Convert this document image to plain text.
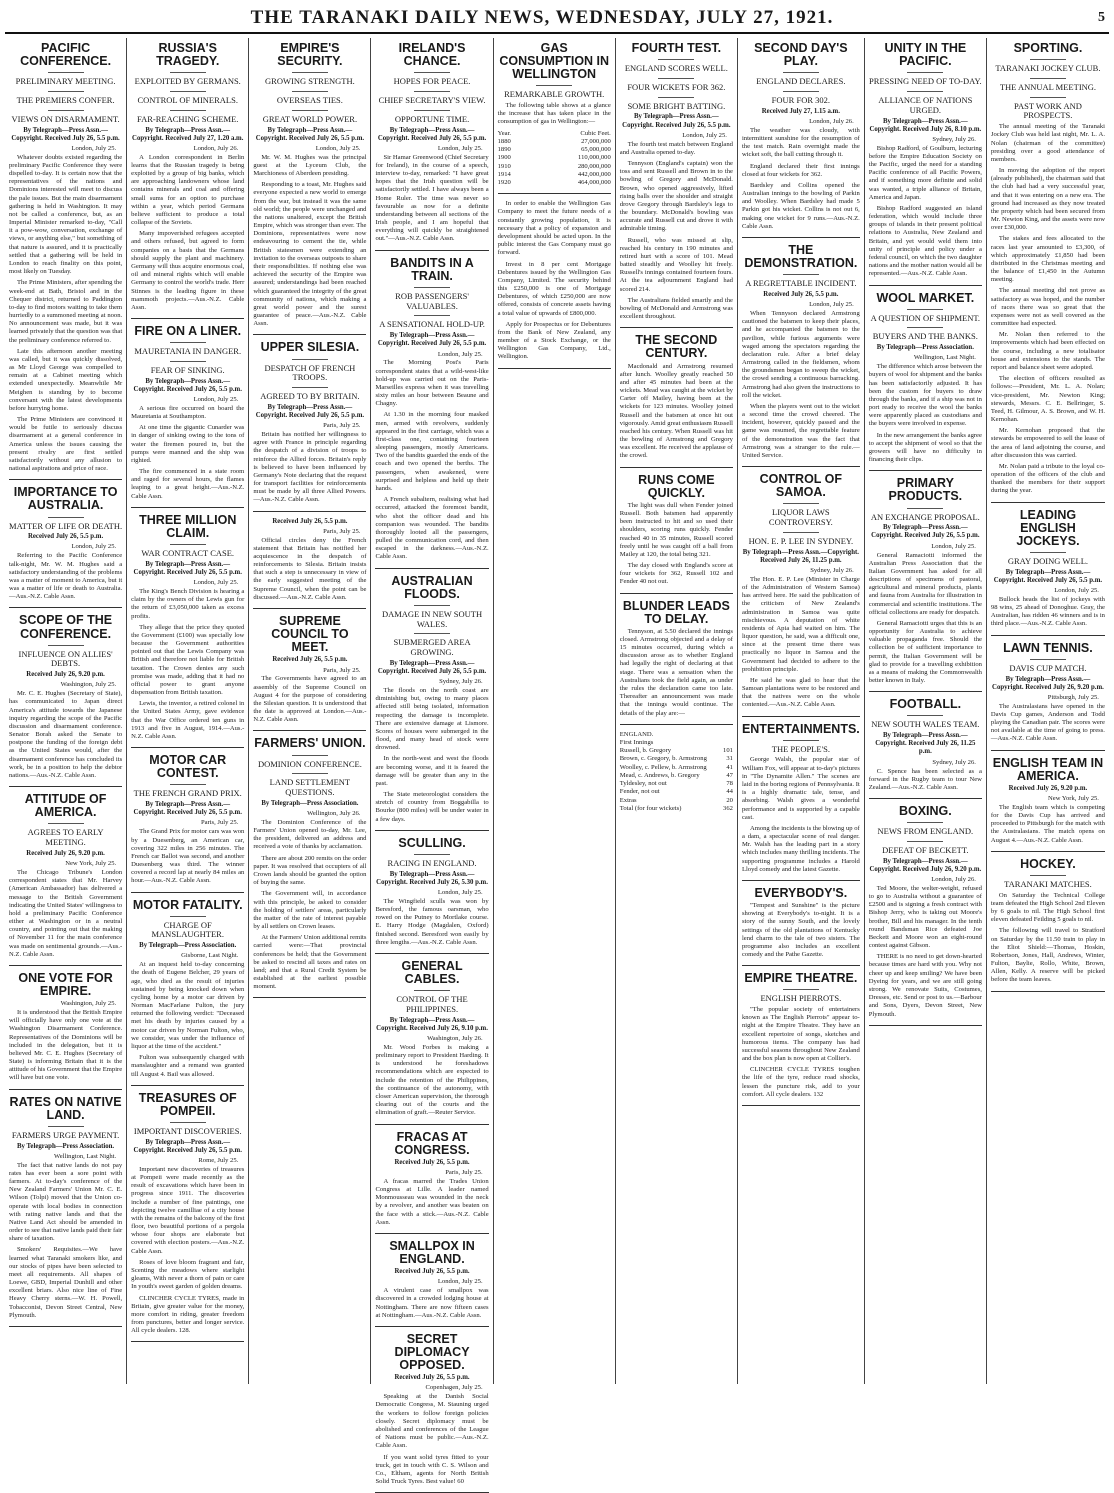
THE TARANAKI DAILY NEWS, WEDNESDAY, JULY 27, 1921.	5
PACIFIC CONFERENCE.
PRELIMINARY MEETING.
THE PREMIERS CONFER.
VIEWS ON DISARMAMENT.
By Telegraph—Press Assn.—Copyright. Received July 26, 5.5 p.m.
London, July 25.

Whatever doubts existed regarding the preliminary Pacific Conference they were dispelled to-day. It is certain now that the representatives of the nations and Dominions interested will meet to discuss the pale issues. But the main disarmament gathering is held in Washington. It may not be called a conference, but, as an Imperial Minister remarked to-day, "Call it a pow-wow, conversation, exchange of views, or anything else," but something of that nature is assured, and it is practically settled that a gathering will be held in London to reach finality on this point, most likely on Tuesday.

The Prime Ministers, after spending the week-end at Bath, Bristol and in the Chequer district, returned to Paddington to-day to find motors waiting to take them hurriedly to a summoned meeting at noon. No announcement was made, but it was learned privately that the question was that the preliminary conference referred to.

Late this afternoon another meeting was called, but it was quickly dissolved, as Mr Lloyd George was compelled to remain at a Cabinet meeting which extended unexpectedly. Meanwhile Mr Meighen is standing by to become conversant with the latest developments before hurrying home.

The Prime Ministers are convinced it would be futile to seriously discuss disarmament at a general conference in America unless the issues causing the present rivalry are first settled satisfactorily without any allusion to national aspirations and price of race.

IMPORTANCE TO AUSTRALIA.
MATTER OF LIFE OR DEATH.
Received July 26, 5.5 p.m.
London, July 25.

Referring to the Pacific Conference talk-night, Mr. W. M. Hughes said a satisfactory understanding of the problems was a matter of moment to America, but it was a matter of life or death to Australia.—Aus.-N.Z. Cable Assn.

SCOPE OF THE CONFERENCE.
INFLUENCE ON ALLIES' DEBTS.
Received July 26, 9.20 p.m.
Washington, July 25.

Mr. C. E. Hughes (Secretary of State), has communicated to Japan direct America's attitude towards the Japanese inquiry regarding the scope of the Pacific discussion and disarmament conference. Senator Borah asked the Senate to postpone the funding of the foreign debt as the United States would, after the disarmament conference has concluded its work, be in a position to help the debtor nations.—Aus.-N.Z. Cable Assn.

ATTITUDE OF AMERICA.
AGREES TO EARLY MEETING.
Received July 26, 9.20 p.m.
New York, July 25.

The Chicago Tribune's London correspondent states that Mr. Harvey (American Ambassador) has delivered a message to the British Government indicating the United States' willingness to hold a preliminary Pacific Conference either at Washington or in a neutral country, and pointing out that the making of November 11 for the main conference was made on sentimental grounds.—Aus.-N.Z. Cable Assn.

ONE VOTE FOR EMPIRE.
Washington, July 25.

It is understood that the British Empire will officially have only one vote at the Washington Disarmament Conference. Representatives of the Dominions will be included in the delegation, but it is believed Mr. C. E. Hughes (Secretary of State) is informing Britain that it is the attitude of his Government that the Empire will have but one vote.

RATES ON NATIVE LAND.
FARMERS URGE PAYMENT.
By Telegraph—Press Association.
Wellington, Last Night.

The fact that native lands do not pay rates has ever been a sore point with farmers. At to-day's conference of the New Zealand Farmers' Union Mr. C. E. Wilson (Tolpi) moved that the Union co-operate with local bodies in connection with rating native lands and that the Native Land Act should be amended in order to see that native lands paid their fair share of taxation.

Smokers' Requisites.—We have learned what Taranaki smokers like, and our stocks of pipes have been selected to meet all requirements. All shapes of Loewe, GBD, Imperial Dunhill and other excellent briars. Also nice line of Fine Heavy Cherry sterns.—W. H. Powell, Tobacconist, Devon Street Central, New Plymouth.

RUSSIA'S TRAGEDY.
EXPLOITED BY GERMANS.
CONTROL OF MINERALS.
FAR-REACHING SCHEME.
By Telegraph—Press Assn.—Copyright. Received July 27, 1.20 a.m.
London, July 26.

A London correspondent in Berlin learns that the Russian tragedy is being exploited by a group of big banks, which are approaching landowners whose land contains minerals and coal and offering small sums for an option to purchase within a year, which period Germans believe sufficient to produce a total collapse of the Soviets.

Many impoverished refugees accepted and others refused, but agreed to form companies on a basis that the Germans should supply the plant and machinery. Germany will thus acquire enormous coal, oil and mineral rights which will enable Germany to control the world's trade. Herr Stinnes is the leading figure in these mammoth projects.—Aus.-N.Z. Cable Assn.

FIRE ON A LINER.
MAURETANIA IN DANGER.
FEAR OF SINKING.
By Telegraph—Press Assn.—Copyright. Received July 26, 5.5 p.m.
London, July 25.

A serious fire occurred on board the Mauretania at Southampton.

At one time the gigantic Cunarder was in danger of sinking owing to the tons of water the firemen poured in, but the pumps were manned and the ship was righted.

The fire commenced in a state room and raged for several hours, the flames leaping to a great height.—Aus.-N.Z. Cable Assn.

THREE MILLION CLAIM.
WAR CONTRACT CASE.
By Telegraph—Press Assn.—Copyright. Received July 26, 5.5 p.m.
London, July 25.

The King's Bench Division is hearing a claim by the owners of the Lewis gun for the return of £3,050,000 taken as excess profits.

They allege that the price they quoted the Government (£100) was specially low because the Government authorities pointed out that the Lewis Company was British and therefore not liable for British taxation. The Crown denies any such promise was made, adding that it had no official power to grant anyone dispensation from British taxation.

Lewis, the inventor, a retired colonel in the United States Army, gave evidence that the War Office ordered ten guns in 1913 and five in August, 1914.—Aus.-N.Z. Cable Assn.

MOTOR CAR CONTEST.
THE FRENCH GRAND PRIX.
By Telegraph—Press Assn.—Copyright. Received July 26, 5.5 p.m.
Paris, July 25.

The Grand Prix for motor cars was won by a Duesenberg, an American car, covering 322 miles in 256 minutes. The French car Ballot was second, and another Duesenberg was third. The winner covered a record lap at nearly 84 miles an hour.—Aus.-N.Z. Cable Assn.

MOTOR FATALITY.
CHARGE OF MANSLAUGHTER.
By Telegraph—Press Association.
Gisborne, Last Night.

At an inquest held to-day concerning the death of Eugene Belcher, 29 years of age, who died as the result of injuries sustained by being knocked down when cycling home by a motor car driven by Norman MacFarlane Fulton, the jury returned the following verdict: "Deceased met his death by injuries caused by a motor car driven by Norman Fulton, who, we consider, was under the influence of liquor at the time of the accident."

Fulton was subsequently charged with manslaughter and a remand was granted till August 4. Bail was allowed.

TREASURES OF POMPEII.
IMPORTANT DISCOVERIES.
By Telegraph—Press Assn.—Copyright. Received July 26, 5.5 p.m.
Rome, July 25.

Important new discoveries of treasures at Pompeii were made recently as the result of excavations which have been in progress since 1911. The discoveries include a number of fine paintings, one depicting twelve camilliae of a city house with the remains of the balcony of the first floor, two beautiful portions of a pergola whose four shops are elaborate but covered with election posters.—Aus.-N.Z. Cable Assn.

Roses of love bloom fragrant and fair, Scenting the meadows where starlight gleams, With never a thorn of pain or care In youth's sweet garden of golden dreams.

CLINCHER CYCLE TYRES, made in Britain, give greater value for the money, more comfort in riding, greater freedom from punctures, better and longer service. All cycle dealers. 128.

EMPIRE'S SECURITY.
GROWING STRENGTH.
OVERSEAS TIES.
GREAT WORLD POWER.
By Telegraph—Press Assn.—Copyright. Received July 26, 5.5 p.m.
London, July 25.

Mr. W. M. Hughes was the principal guest at the Lyceum Club, the Marchioness of Aberdeen presiding.

Responding to a toast, Mr. Hughes said everyone expected a new world to emerge from the war, but instead it was the same old world; the people were unchanged and the nations unaltered, except the British Empire, which was stronger than ever. The Dominions, representatives were now endeavouring to cement the tie, while British statesmen were extending an invitation to the overseas outposts to share their responsibilities. If nothing else was achieved the security of the Empire was assured; understandings had been reached which guaranteed the integrity of the great community of nations, which making a great world power and the surest guarantee of peace.—Aus.-N.Z. Cable Assn.

UPPER SILESIA.
DESPATCH OF FRENCH TROOPS.
AGREED TO BY BRITAIN.
By Telegraph—Press Assn.—Copyright. Received July 26, 5.5 p.m.
Paris, July 25.

Britain has notified her willingness to agree with France in principle regarding the despatch of a division of troops to reinforce the Allied forces. Britain's reply is believed to have been influenced by Germany's Note declaring that the request for transport facilities for reinforcements must be made by all three Allied Powers.—Aus.-N.Z. Cable Assn.

Received July 26, 5.5 p.m.
Paris, July 25.

Official circles deny the French statement that Britain has notified her acquiescence in the despatch of reinforcements to Silesia. Britain insists that such a step is unnecessary in view of the early suggested meeting of the Supreme Council, when the point can be discussed.—Aus.-N.Z. Cable Assn.

SUPREME COUNCIL TO MEET.
Received July 26, 5.5 p.m.
Paris, July 25.

The Governments have agreed to an assembly of the Supreme Council on August 4 for the purpose of considering the Silesian question. It is understood that the date is approved at London.—Aus.-N.Z. Cable Assn.

FARMERS' UNION.
DOMINION CONFERENCE.
LAND SETTLEMENT QUESTIONS.
By Telegraph—Press Association.
Wellington, July 26.

The Dominion Conference of the Farmers' Union opened to-day, Mr. Lee, the president, delivered an address and received a vote of thanks by acclamation.

There are about 200 remits on the order paper. It was resolved that occupiers of all Crown lands should be granted the option of buying the same.

The Government will, in accordance with this principle, be asked to consider the holding of settlers' areas, particularly the matter of the rate of interest payable by all settlers on Crown leases.

At the Farmers' Union additional remits carried were:—That provincial conferences be held; that the Government be asked to rescind all taxes and rates on land; and that a Rural Credit System be established at the earliest possible moment.

IRELAND'S CHANCE.
HOPES FOR PEACE.
CHIEF SECRETARY'S VIEW.
OPPORTUNE TIME.
By Telegraph—Press Assn.—Copyright. Received July 26, 5.5 p.m.
London, July 25.

Sir Hamar Greenwood (Chief Secretary for Ireland), in the course of a speech, interview to-day, remarked: "I have great hopes that the Irish question will be satisfactorily settled. I have always been a Home Ruler. The time was never so favourable as now for a definite understanding between all sections of the Irish people, and I am hopeful that everything will quickly be straightened out."—Aus.-N.Z. Cable Assn.

BANDITS IN A TRAIN.
ROB PASSENGERS' VALUABLES.
A SENSATIONAL HOLD-UP.
By Telegraph—Press Assn.—Copyright. Received July 26, 5.5 p.m.
London, July 25.

The Morning Post's Paris correspondent states that a wild-west-like hold-up was carried out on the Paris-Marseilles express when it was travelling sixty miles an hour between Beaune and Chagny.

At 1.30 in the morning four masked men, armed with revolvers, suddenly appeared in the first carriage, which was a first-class one, containing fourteen sleeping passengers, mostly Americans. Two of the bandits guarded the ends of the coach and two opened the berths. The passengers, when awakened, were surprised and helpless and held up their hands.

A French subaltern, realising what had occurred, attacked the foremost bandit, who shot the officer dead and his companion was wounded. The bandits thoroughly looted all the passengers, pulled the communication cord, and then escaped in the darkness.—Aus.-N.Z. Cable Assn.

AUSTRALIAN FLOODS.
DAMAGE IN NEW SOUTH WALES.
SUBMERGED AREA GROWING.
By Telegraph—Press Assn.—Copyright. Received July 26, 5.5 p.m.
Sydney, July 26.

The floods on the north coast are diminishing but, owing to many places affected still being isolated, information respecting the damage is incomplete. There are extensive damage at Lismore. Scores of houses were submerged in the flood, and many head of stock were drowned.

In the north-west and west the floods are becoming worse, and it is feared the damage will be greater than any in the past.

The State meteorologist considers the stretch of country from Boggabilla to Bourke (800 miles) will be under water in a few days.

SCULLING.
RACING IN ENGLAND.
By Telegraph—Press Assn.—Copyright. Received July 26, 5.30 p.m.
London, July 25.

The Wingfield sculls was won by Beresford, the famous oarsman, who rowed on the Putney to Mortlake course. E. Harry Hodge (Magdalen, Oxford) finished second. Beresford won easily by three lengths.—Aus.-N.Z. Cable Assn.

GENERAL CABLES.
CONTROL OF THE PHILIPPINES.
By Telegraph—Press Assn.—Copyright. Received July 26, 9.10 p.m.
Washington, July 26.

Mr. Wood Forbes is making a preliminary report to President Harding. It is understood he foreshadows recommendations which are expected to include the retention of the Philippines, the continuance of the autonomy, with closer American supervision, the thorough clearing out of the courts and the elimination of graft.—Reuter Service.

FRACAS AT CONGRESS.
Received July 26, 5.5 p.m.
Paris, July 25.

A fracas marred the Trades Union Congress at Lille. A leader named Monmousseau was wounded in the neck by a revolver, and another was beaten on the face with a stick.—Aus.-N.Z. Cable Assn.

SMALLPOX IN ENGLAND.
Received July 26, 5.5 p.m.
London, July 25.

A virulent case of smallpox was discovered in a crowded lodging house at Nottingham. There are now fifteen cases at Nottingham.—Aus.-N.Z. Cable Assn.

SECRET DIPLOMACY OPPOSED.
Received July 26, 5.5 p.m.
Copenhagen, July 25.

Speaking at the Danish Social Democratic Congress, M. Stauning urged the workers to follow foreign policies closely. Secret diplomacy must be abolished and conferences of the League of Nations must be public.—Aus.-N.Z. Cable Assn.

If you want solid tyres fitted to your truck, get in touch with C. S. Wilson and Co., Eltham, agents for North British Solid Truck Tyres. Best value! 60

GAS CONSUMPTION IN WELLINGTON
REMARKABLE GROWTH.

The following table shows at a glance the increase that has taken place in the consumption of gas in Wellington:—

Year.	Cubic Feet.
1880	27,000,000
1890	65,000,000
1900	110,000,000
1910	280,000,000
1914	442,000,000
1920	464,000,000

In order to enable the Wellington Gas Company to meet the future needs of a constantly growing population, it is necessary that a policy of expansion and development should be acted upon. In the public interest the Gas Company must go forward.

Invest in 8 per cent Mortgage Debentures issued by the Wellington Gas Company, Limited. The security behind this £250,000 is one of Mortgage Debentures, of which £250,000 are now offered, consists of concrete assets having a total value of upwards of £800,000.

Apply for Prospectus or for Debentures from the Bank of New Zealand, any member of a Stock Exchange, or the Wellington Gas Company, Ltd., Wellington.

FOURTH TEST.
ENGLAND SCORES WELL.
FOUR WICKETS FOR 362.
SOME BRIGHT BATTING.
By Telegraph—Press Assn.—Copyright. Received July 26, 5.5 p.m.
London, July 25.

The fourth test match between England and Australia opened to-day.

Tennyson (England's captain) won the toss and sent Russell and Brown in to the bowling of Gregory and McDonald. Brown, who opened aggressively, lifted rising balls over the shoulder and straight drove Gregory through Bardsley's legs to the boundary. McDonald's bowling was accurate and Russell cut and drove it with admirable timing.

Russell, who was missed at slip, reached his century in 190 minutes and retired hurt with a score of 101. Mead batted steadily and Woolley hit freely. Russell's innings contained fourteen fours. At the tea adjournment England had scored 214.

The Australians fielded smartly and the bowling of McDonald and Armstrong was excellent throughout.

THE SECOND CENTURY.

Macdonald and Armstrong resumed after lunch. Woolley greatly reached 50 and after 45 minutes had been at the wickets. Mead was caught at the wicket by Carter off Mailey, having been at the wickets for 123 minutes. Woolley joined Russell and the batsmen at once hit out vigorously. Amid great enthusiasm Russell reached his century. When Russell was hit the bowling of Armstrong and Gregory was excellent. He received the applause of the crowd.

RUNS COME QUICKLY.

The light was dull when Fender joined Russell. Both batsmen had apparently been instructed to hit and so used their shoulders, scoring runs quickly. Fender reached 40 in 35 minutes, Russell scored freely until he was caught off a ball from Mailey at 120, the total being 321.

The day closed with England's score at four wickets for 362, Russell 102 and Fender 40 not out.

BLUNDER LEADS TO DELAY.

Tennyson, at 5.50 declared the innings closed. Armstrong objected and a delay of 15 minutes occurred, during which a discussion arose as to whether England had legally the right of declaring at that stage. There was a sensation when the Australians took the field again, as under the rules the declaration came too late. Thereafter an announcement was made that the innings would continue. The details of the play are:—

ENGLAND.
First Innings
Russell, b. Gregory	101
Brown, c. Gregory, b. Armstrong	31
Woolley, c. Pellew, b. Armstrong	41
Mead, c. Andrews, b. Gregory	47
Tyldesley, not out	78
Fender, not out	44
Extras	20
Total (for four wickets)	362
SECOND DAY'S PLAY.
ENGLAND DECLARES.
FOUR FOR 302.
Received July 27, 1.15 a.m.
London, July 26.

The weather was cloudy, with intermittent sunshine for the resumption of the test match. Rain overnight made the wicket soft, the ball cutting through it.

England declared their first innings closed at four wickets for 362.

Bardsley and Collins opened the Australian innings to the bowling of Parkin and Woolley. When Bardsley had made 5 Parkin got his wicket. Collins is not out 6, making one wicket for 9 runs.—Aus.-N.Z. Cable Assn.

THE DEMONSTRATION.
A REGRETTABLE INCIDENT.
Received July 26, 5.5 p.m.
London, July 25.

When Tennyson declared Armstrong cautioned the batsmen to keep their places, and he accompanied the batsmen to the pavilion, while furious arguments were waged among the spectators regarding the declaration rule. After a brief delay Armstrong called in the fieldsmen, whom the groundsmen began to sweep the wicket, the crowd sending a continuous barracking. Armstrong had also given the instructions to roll the wicket.

When the players went out to the wicket a second time the crowd cheered. The incident, however, quickly passed and the game was resumed, the regrettable feature of the demonstration was the fact that Armstrong was a stranger to the rule.—United Service.

CONTROL OF SAMOA.
LIQUOR LAWS CONTROVERSY.
HON. E. P. LEE IN SYDNEY.
By Telegraph—Press Assn.—Copyright. Received July 26, 11.25 p.m.
Sydney, July 26.

The Hon. E. P. Lee (Minister in Charge of the Administration of Western Samoa) has arrived here. He said the publication of the criticism of New Zealand's administration in Samoa was quite mischievous. A deputation of white residents of Apia had waited on him. The liquor question, he said, was a difficult one, since at the present time there was practically no liquor in Samoa and the Government had decided to adhere to the prohibition principle.

He said he was glad to hear that the Samoan plantations were to be restored and that the natives were on the whole contented.—Aus.-N.Z. Cable Assn.

ENTERTAINMENTS.
THE PEOPLE'S.

George Walsh, the popular star of William Fox, will appear at to-day's pictures in "The Dynamite Allen." The scenes are laid in the boring regions of Pennsylvania. It is a highly dramatic tale, tense, and absorbing. Walsh gives a wonderful performance and is supported by a capable cast.

Among the incidents is the blowing up of a dam, a spectacular scene of real danger. Mr. Walsh has the leading part in a story which includes many thrilling incidents. The supporting programme includes a Harold Lloyd comedy and the latest Gazette.

EVERYBODY'S.

"Tempest and Sunshine" is the picture showing at Everybody's to-night. It is a story of the sunny South, and the lovely settings of the old plantations of Kentucky lend charm to the tale of two sisters. The programme also includes an excellent comedy and the Pathe Gazette.

EMPIRE THEATRE.
ENGLISH PIERROTS.

"The popular society of entertainers known as The English Pierrots" appear to-night at the Empire Theatre. They have an excellent repertoire of songs, sketches and humorous items. The company has had successful seasons throughout New Zealand and the box plan is now open at Collier's.

CLINCHER CYCLE TYRES toughen the life of the tyre, reduce road shocks, lessen the puncture risk, add to your comfort. All cycle dealers. 132

UNITY IN THE PACIFIC.
PRESSING NEED OF TO-DAY.
ALLIANCE OF NATIONS URGED.
By Telegraph—Press Assn.—Copyright. Received July 26, 8.10 p.m.
Sydney, July 26.

Bishop Radford, of Goulburn, lecturing before the Empire Education Society on the Pacific, urged the need for a standing Pacific conference of all Pacific Powers, and if something more definite and solid was wanted, a triple alliance of Britain, America and Japan.

Bishop Radford suggested an island federation, which would include three groups of islands in their present political relations to Australia, New Zealand and Britain, and yet would weld them into unity of principle and policy under a federal council, on which the two daughter nations and the mother nation would all be represented.—Aus.-N.Z. Cable Assn.

WOOL MARKET.
A QUESTION OF SHIPMENT.
BUYERS AND THE BANKS.
By Telegraph—Press Association.
Wellington, Last Night.

The difference which arose between the buyers of wool for shipment and the banks has been satisfactorily adjusted. It has been the custom for buyers to draw through the banks, and if a ship was not in port ready to receive the wool the banks were apparently placed as custodians and the buyers were involved in expense.

In the new arrangement the banks agree to accept the shipment of wool so that the growers will have no difficulty in financing their clips.

PRIMARY PRODUCTS.
AN EXCHANGE PROPOSAL.
By Telegraph—Press Assn.—Copyright. Received July 26, 5.5 p.m.
London, July 25.

General Ramaciotti informed the Australian Press Association that the Italian Government has asked for all descriptions of specimens of pastoral, agricultural and mineral products, plants and fauna from Australia for illustration in commercial and scientific institutions. The official collections are ready for despatch.

General Ramaciotti urges that this is an opportunity for Australia to achieve valuable propaganda free. Should the collection be of sufficient importance to permit, the Italian Government will be glad to provide for a travelling exhibition as a means of making the Commonwealth better known in Italy.

FOOTBALL.
NEW SOUTH WALES TEAM.
By Telegraph—Press Assn.—Copyright. Received July 26, 11.25 p.m.
Sydney, July 26.

C. Spence has been selected as a forward in the Rugby team to tour New Zealand.—Aus.-N.Z. Cable Assn.

BOXING.
NEWS FROM ENGLAND.
DEFEAT OF BECKETT.
By Telegraph—Press Assn.—Copyright. Received July 26, 9.20 p.m.
London, July 26.

Ted Moore, the welter-weight, refused to go to Australia without a guarantee of £2500 and is signing a fresh contract with Bishop Jerry, who is taking out Moore's brother, Bill and his manager. In the tenth round Bandsman Rice defeated Joe Beckett and Moore won an eight-round contest against Gibson.

THERE is no need to get down-hearted because times are hard with you. Why not cheer up and keep smiling? We have been Dyeing for years, and we are still going strong. We renovate Suits, Costumes, Dresses, etc. Send or post to us.—Barbour and Sons, Dyers, Devon Street, New Plymouth.

SPORTING.
TARANAKI JOCKEY CLUB.
THE ANNUAL MEETING.
PAST WORK AND PROSPECTS.

The annual meeting of the Taranaki Jockey Club was held last night, Mr. L. A. Nolan (chairman of the committee) presiding over a good attendance of members.

In moving the adoption of the report (already published), the chairman said that the club had had a very successful year, and that it was entering on a new era. The ground had increased as they now treated the property which had been secured from Mr. Newton King, and the assets were now over £30,000.

The stakes and fees allocated to the races last year amounted to £3,300, of which approximately £1,850 had been distributed in the Christmas meeting and the balance of £1,450 in the Autumn meeting.

The annual meeting did not prove as satisfactory as was hoped, and the number of races there was so great that the expenses were not as well covered as the committee had expected.

Mr. Nolan then referred to the improvements which had been effected on the course, including a new totalisator house and extensions to the stands. The report and balance sheet were adopted.

The election of officers resulted as follows:—President, Mr. L. A. Nolan; vice-president, Mr. Newton King; stewards, Messrs. C. E. Bellringer, S. Teed, H. Gilmour, A. S. Brown, and W. H. Kernohan.

Mr. Kernohan proposed that the stewards be empowered to sell the lease of the area of land adjoining the course, and after discussion this was carried.

Mr. Nolan paid a tribute to the loyal co-operation of the officers of the club and thanked the members for their support during the year.

LEADING ENGLISH JOCKEYS.
GRAY DOING WELL.
By Telegraph—Press Assn.—Copyright. Received July 26, 5.5 p.m.
London, July 25.

Bullock heads the list of jockeys with 98 wins, 25 ahead of Donoghue. Gray, the Australian, has ridden 46 winners and is in third place.—Aus.-N.Z. Cable Assn.

LAWN TENNIS.
DAVIS CUP MATCH.
By Telegraph—Press Assn.—Copyright. Received July 26, 9.20 p.m.
Pittsburgh, July 25.

The Australasians have opened in the Davis Cup games, Anderson and Todd playing the Canadian pair. The scores were not available at the time of going to press.—Aus.-N.Z. Cable Assn.

ENGLISH TEAM IN AMERICA.
Received July 26, 9.20 p.m.
New York, July 25.

The English team which is competing for the Davis Cup has arrived and proceeded to Pittsburgh for the match with the Australasians. The match opens on August 4.—Aus.-N.Z. Cable Assn.

HOCKEY.
TARANAKI MATCHES.

On Saturday the Technical College team defeated the High School 2nd Eleven by 6 goals to nil. The High School first eleven defeated Feilding 5 goals to nil.

The following will travel to Stratford on Saturday by the 11.50 train to play in the Eliot Shield:—Thomas, Hoskin, Robertson, Jones, Hall, Andrews, Winter, Fulton, Baylie, Rollo, White, Brown, Allen, Kelly. A reserve will be picked before the team leaves.
